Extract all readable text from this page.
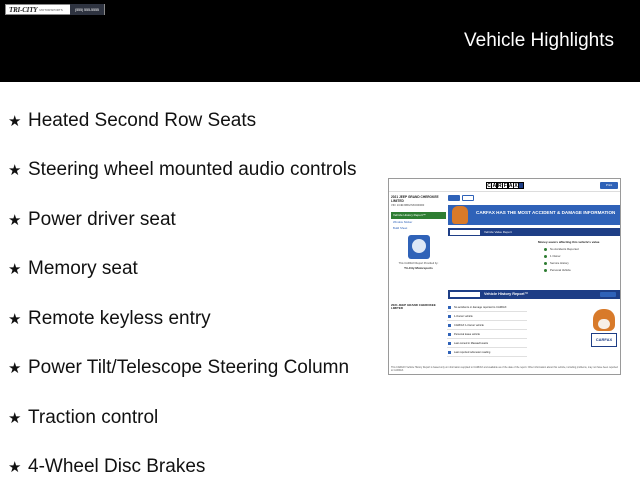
TRI-CITY MOTORSPORTS	(555) 555-5555
Vehicle Highlights
★ Heated Second Row Seats
★ Steering wheel mounted audio controls
★ Power driver seat
★ Memory seat
★ Remote keyless entry
★ Power Tilt/Telescope Steering Column
★ Traction control
★ 4-Wheel Disc Brakes
C A R F A X	Print
2021 JEEP GRAND CHEROKEE LIMITED
VIN: 1C4RJFBG7MC000000
Vehicle History Report™
Window Sticker
Build Sheet
This CARFAX Report Provided by:
Tri-City Motorsports
CARFAX HAS THE MOST ACCIDENT & DAMAGE INFORMATION
Vehicle Value Report
Money-savers affecting this vehicle's value
No Accidents Reported
1 Owner
Service History
Personal Vehicle
Vehicle History Report™
2021 JEEP GRAND CHEROKEE LIMITED	No accidents or damage reported to CARFAX
1-Owner vehicle
CARFAX 1-Owner vehicle
Personal lease vehicle
Last owned in Massachusetts
Last reported odometer reading
CARFAX
This CARFAX Vehicle History Report is based only on information supplied to CARFAX and available as of the date of the report. Other information about this vehicle, including problems, may not have been reported to CARFAX.
